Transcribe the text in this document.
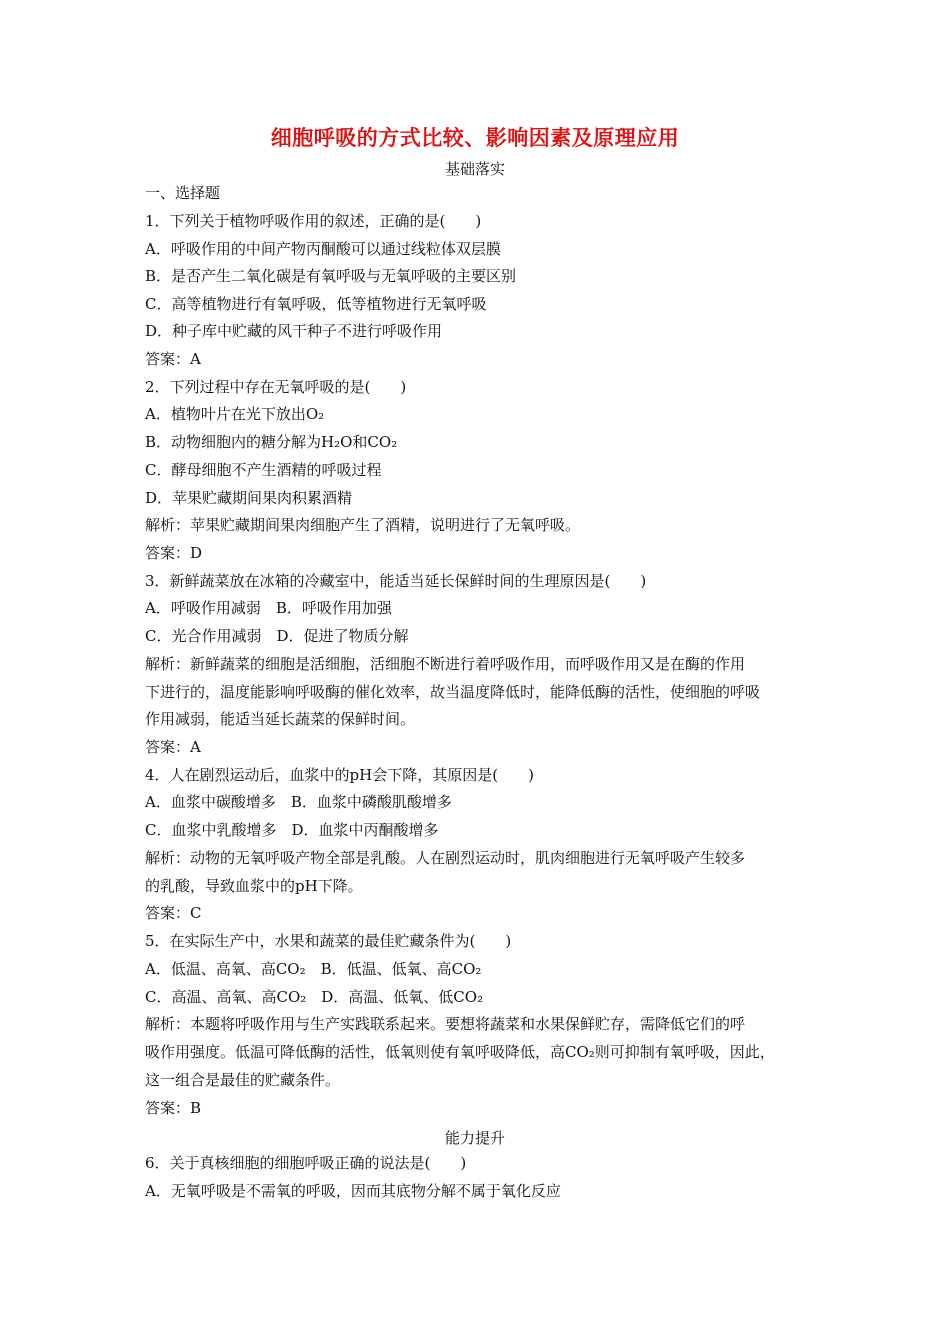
细胞呼吸的方式比较、影响因素及原理应用
基础落实
一、选择题
1．下列关于植物呼吸作用的叙述，正确的是(　　)
A．呼吸作用的中间产物丙酮酸可以通过线粒体双层膜
B．是否产生二氧化碳是有氧呼吸与无氧呼吸的主要区别
C．高等植物进行有氧呼吸，低等植物进行无氧呼吸
D．种子库中贮藏的风干种子不进行呼吸作用
答案：A
2．下列过程中存在无氧呼吸的是(　　)
A．植物叶片在光下放出O₂
B．动物细胞内的糖分解为H₂O和CO₂
C．酵母细胞不产生酒精的呼吸过程
D．苹果贮藏期间果肉积累酒精
解析：苹果贮藏期间果肉细胞产生了酒精，说明进行了无氧呼吸。
答案：D
3．新鲜蔬菜放在冰箱的冷藏室中，能适当延长保鲜时间的生理原因是(　　)
A．呼吸作用减弱　B．呼吸作用加强
C．光合作用减弱　D．促进了物质分解
解析：新鲜蔬菜的细胞是活细胞，活细胞不断进行着呼吸作用，而呼吸作用又是在酶的作用
下进行的，温度能影响呼吸酶的催化效率，故当温度降低时，能降低酶的活性，使细胞的呼吸
作用减弱，能适当延长蔬菜的保鲜时间。
答案：A
4．人在剧烈运动后，血浆中的pH会下降，其原因是(　　)
A．血浆中碳酸增多　B．血浆中磷酸肌酸增多
C．血浆中乳酸增多　D．血浆中丙酮酸增多
解析：动物的无氧呼吸产物全部是乳酸。人在剧烈运动时，肌肉细胞进行无氧呼吸产生较多
的乳酸，导致血浆中的pH下降。
答案：C
5．在实际生产中，水果和蔬菜的最佳贮藏条件为(　　)
A．低温、高氧、高CO₂　B．低温、低氧、高CO₂
C．高温、高氧、高CO₂　D．高温、低氧、低CO₂
解析：本题将呼吸作用与生产实践联系起来。要想将蔬菜和水果保鲜贮存，需降低它们的呼
吸作用强度。低温可降低酶的活性，低氧则使有氧呼吸降低，高CO₂则可抑制有氧呼吸，因此，
这一组合是最佳的贮藏条件。
答案：B
能力提升
6．关于真核细胞的细胞呼吸正确的说法是(　　)
A．无氧呼吸是不需氧的呼吸，因而其底物分解不属于氧化反应
